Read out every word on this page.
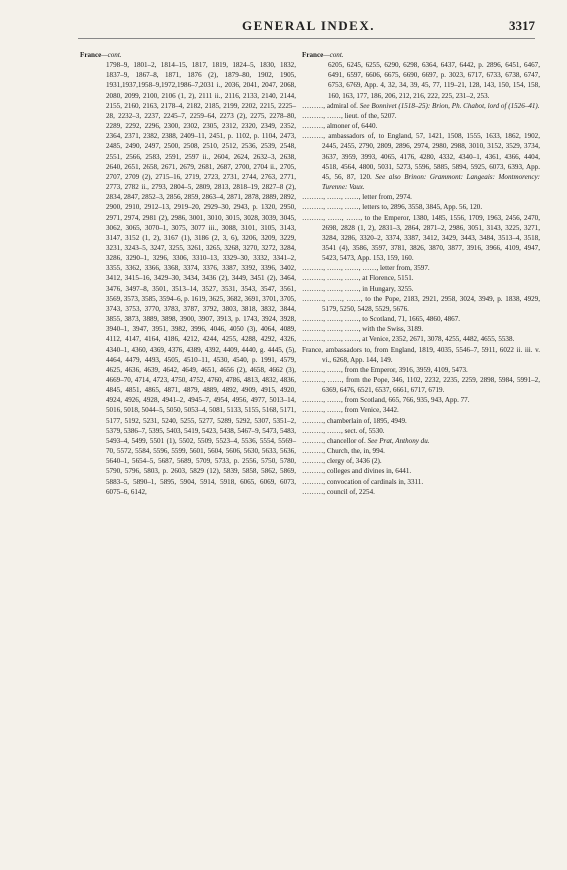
GENERAL INDEX.	3317
France—cont.

1798–9, 1801–2, 1814–15, 1817, 1819, 1824–5, 1830, 1832, 1837–9, 1867–8, 1871, 1876 (2), 1879–80, 1902, 1905, 1931,1937,1958–9,1972,1986–7,2031 i., 2036, 2041, 2047, 2068, 2080, 2099, 2100, 2106 (1, 2), 2111 ii., 2116, 2133, 2140, 2144, 2155, 2160, 2163, 2178–4, 2182, 2185, 2199, 2202, 2215, 2225–28, 2232–3, 2237, 2245–7, 2259–64, 2273 (2), 2275, 2278–80, 2289, 2292, 2296, 2300, 2302, 2305, 2312, 2320, 2349, 2352, 2364, 2371, 2382, 2388, 2409–11, 2451, p. 1102, p. 1104, 2473, 2485, 2490, 2497, 2500, 2508, 2510, 2512, 2536, 2539, 2548, 2551, 2566, 2583, 2591, 2597 ii., 2604, 2624, 2632–3, 2638, 2640, 2651, 2658, 2671, 2679, 2681, 2687, 2700, 2704 ii., 2705, 2707, 2709 (2), 2715–16, 2719, 2723, 2731, 2744, 2763, 2771, 2773, 2782 ii., 2793, 2804–5, 2809, 2813, 2818–19, 2827–8 (2), 2834, 2847, 2852–3, 2856, 2859, 2863–4, 2871, 2878, 2889, 2892, 2900, 2910, 2912–13, 2919–20, 2929–30, 2943, p. 1320, 2950, 2971, 2974, 2981 (2), 2986, 3001, 3010, 3015, 3028, 3039, 3045, 3062, 3065, 3070–1, 3075, 3077 iii., 3088, 3101, 3105, 3143, 3147, 3152 (1, 2), 3167 (1), 3186 (2, 3, 6), 3206, 3209, 3229, 3231, 3243–5, 3247, 3255, 3261, 3265, 3268, 3270, 3272, 3284, 3286, 3290–1, 3296, 3306, 3310–13, 3329–30, 3332, 3341–2, 3355, 3362, 3366, 3368, 3374, 3376, 3387, 3392, 3396, 3402, 3412, 3415–16, 3429–30, 3434, 3436 (2), 3449, 3451 (2), 3464, 3476, 3497–8, 3501, 3513–14, 3527, 3531, 3543, 3547, 3561, 3569, 3573, 3585, 3594–6, p. 1619, 3625, 3682, 3691, 3701, 3705, 3743, 3753, 3770, 3783, 3787, 3792, 3803, 3818, 3832, 3844, 3855, 3873, 3889, 3898, 3900, 3907, 3913, p. 1743, 3924, 3928, 3940–1, 3947, 3951, 3982, 3996, 4046, 4050 (3), 4064, 4089, 4112, 4147, 4164, 4186, 4212, 4244, 4255, 4288, 4292, 4326, 4340–1, 4360, 4369, 4376, 4389, 4392, 4409, 4440, g. 4445, (5), 4464, 4479, 4493, 4505, 4510–11, 4530, 4540, p. 1991, 4579, 4625, 4636, 4639, 4642, 4649, 4651, 4656 (2), 4658, 4662 (3), 4669–70, 4714, 4723, 4750, 4752, 4760, 4786, 4813, 4832, 4836, 4845, 4851, 4865, 4871, 4879, 4889, 4892, 4909, 4915, 4920, 4924, 4926, 4928, 4941–2, 4945–7, 4954, 4956, 4977, 5013–14, 5016, 5018, 5044–5, 5050, 5053–4, 5081, 5133, 5155, 5168, 5171, 5177, 5192, 5231, 5240, 5255, 5277, 5289, 5292, 5307, 5351–2, 5379, 5386–7, 5395, 5403, 5419, 5423, 5438, 5467–9, 5473, 5483, 5493–4, 5499, 5501 (1), 5502, 5509, 5523–4, 5536, 5554, 5569–70, 5572, 5584, 5596, 5599, 5601, 5604, 5606, 5630, 5633, 5636, 5640–1, 5654–5, 5687, 5689, 5709, 5733, p. 2556, 5750, 5780, 5790, 5796, 5803, p. 2603, 5829 (12), 5839, 5858, 5862, 5869, 5883–5, 5890–1, 5895, 5904, 5914, 5918, 6065, 6069, 6073, 6075–6, 6142,

France—cont.

6205, 6245, 6255, 6290, 6298, 6364, 6437, 6442, p. 2896, 6451, 6467, 6491, 6597, 6606, 6675, 6690, 6697, p. 3023, 6717, 6733, 6738, 6747, 6753, 6769, App. 4, 32, 34, 39, 45, 77, 119–21, 128, 143, 150, 154, 158, 160, 163, 177, 186, 206, 212, 216, 222, 225, 231–2, 253.

………, admiral of. See Bonnivet (1518–25): Brion, Ph. Chabot, lord of (1526–41).
………, ……, lieut. of the, 5207.
………, almoner of, 6440.
………, ambassadors of, to England, 57, 1421, 1508, 1555, 1633, 1862, 1902, 2445, 2455, 2790, 2809, 2896, 2974, 2980, 2988, 3010, 3152, 3529, 3734, 3637, 3959, 3993, 4065, 4176, 4280, 4332, 4340–1, 4361, 4366, 4404, 4518, 4564, 4800, 5031, 5273, 5596, 5885, 5894, 5925, 6073, 6393, App. 45, 56, 87, 120. See also Brinon: Grammont: Langeais: Montmorency: Turenne: Vaux.
………, ……, ……, letter from, 2974.
………, ……, ……, letters to, 2896, 3558, 3845, App. 56, 120.
………, ……, ……, to the Emperor, 1380, 1485, 1556, 1709, 1963, 2456, 2470, 2698, 2828 (1, 2), 2831–3, 2864, 2871–2, 2986, 3051, 3143, 3225, 3271, 3284, 3286, 3320–2, 3374, 3387, 3412, 3429, 3443, 3484, 3513–4, 3518, 3541 (4), 3586, 3597, 3781, 3826, 3870, 3877, 3916, 3966, 4109, 4947, 5423, 5473, App. 153, 159, 160.
………, ……, ……, ……, letter from, 3597.
………, ……, ……, at Florence, 5151.
………, ……, ……, in Hungary, 3255.
………, ……, ……, to the Pope, 2183, 2921, 2958, 3024, 3949, p. 1838, 4929, 5179, 5250, 5428, 5529, 5676.
………, ……, ……, to Scotland, 71, 1665, 4860, 4867.
………, ……, ……, with the Swiss, 3189.
………, ……, ……, at Venice, 2352, 2671, 3078, 4255, 4482, 4655, 5538.
France, ambassadors to, from England, 1819, 4035, 5546–7, 5911, 6022 ii. iii. v. vi., 6268, App. 144, 149.
………, ……, from the Emperor, 3916, 3959, 4109, 5473.
………, ……, from the Pope, 346, 1102, 2232, 2235, 2259, 2898, 5984, 5991–2, 6369, 6476, 6521, 6537, 6661, 6717, 6719.
………, ……, from Scotland, 665, 766, 935, 943, App. 77.
………, ……, from Venice, 3442.
………, chamberlain of, 1895, 4949.
………, ……, sect. of, 5530.
………, chancellor of. See Prat, Anthony du.
………, Church, the, in, 994.
………, clergy of, 3436 (2).
………, colleges and divines in, 6441.
………, convocation of cardinals in, 3311.
………, council of, 2254.
